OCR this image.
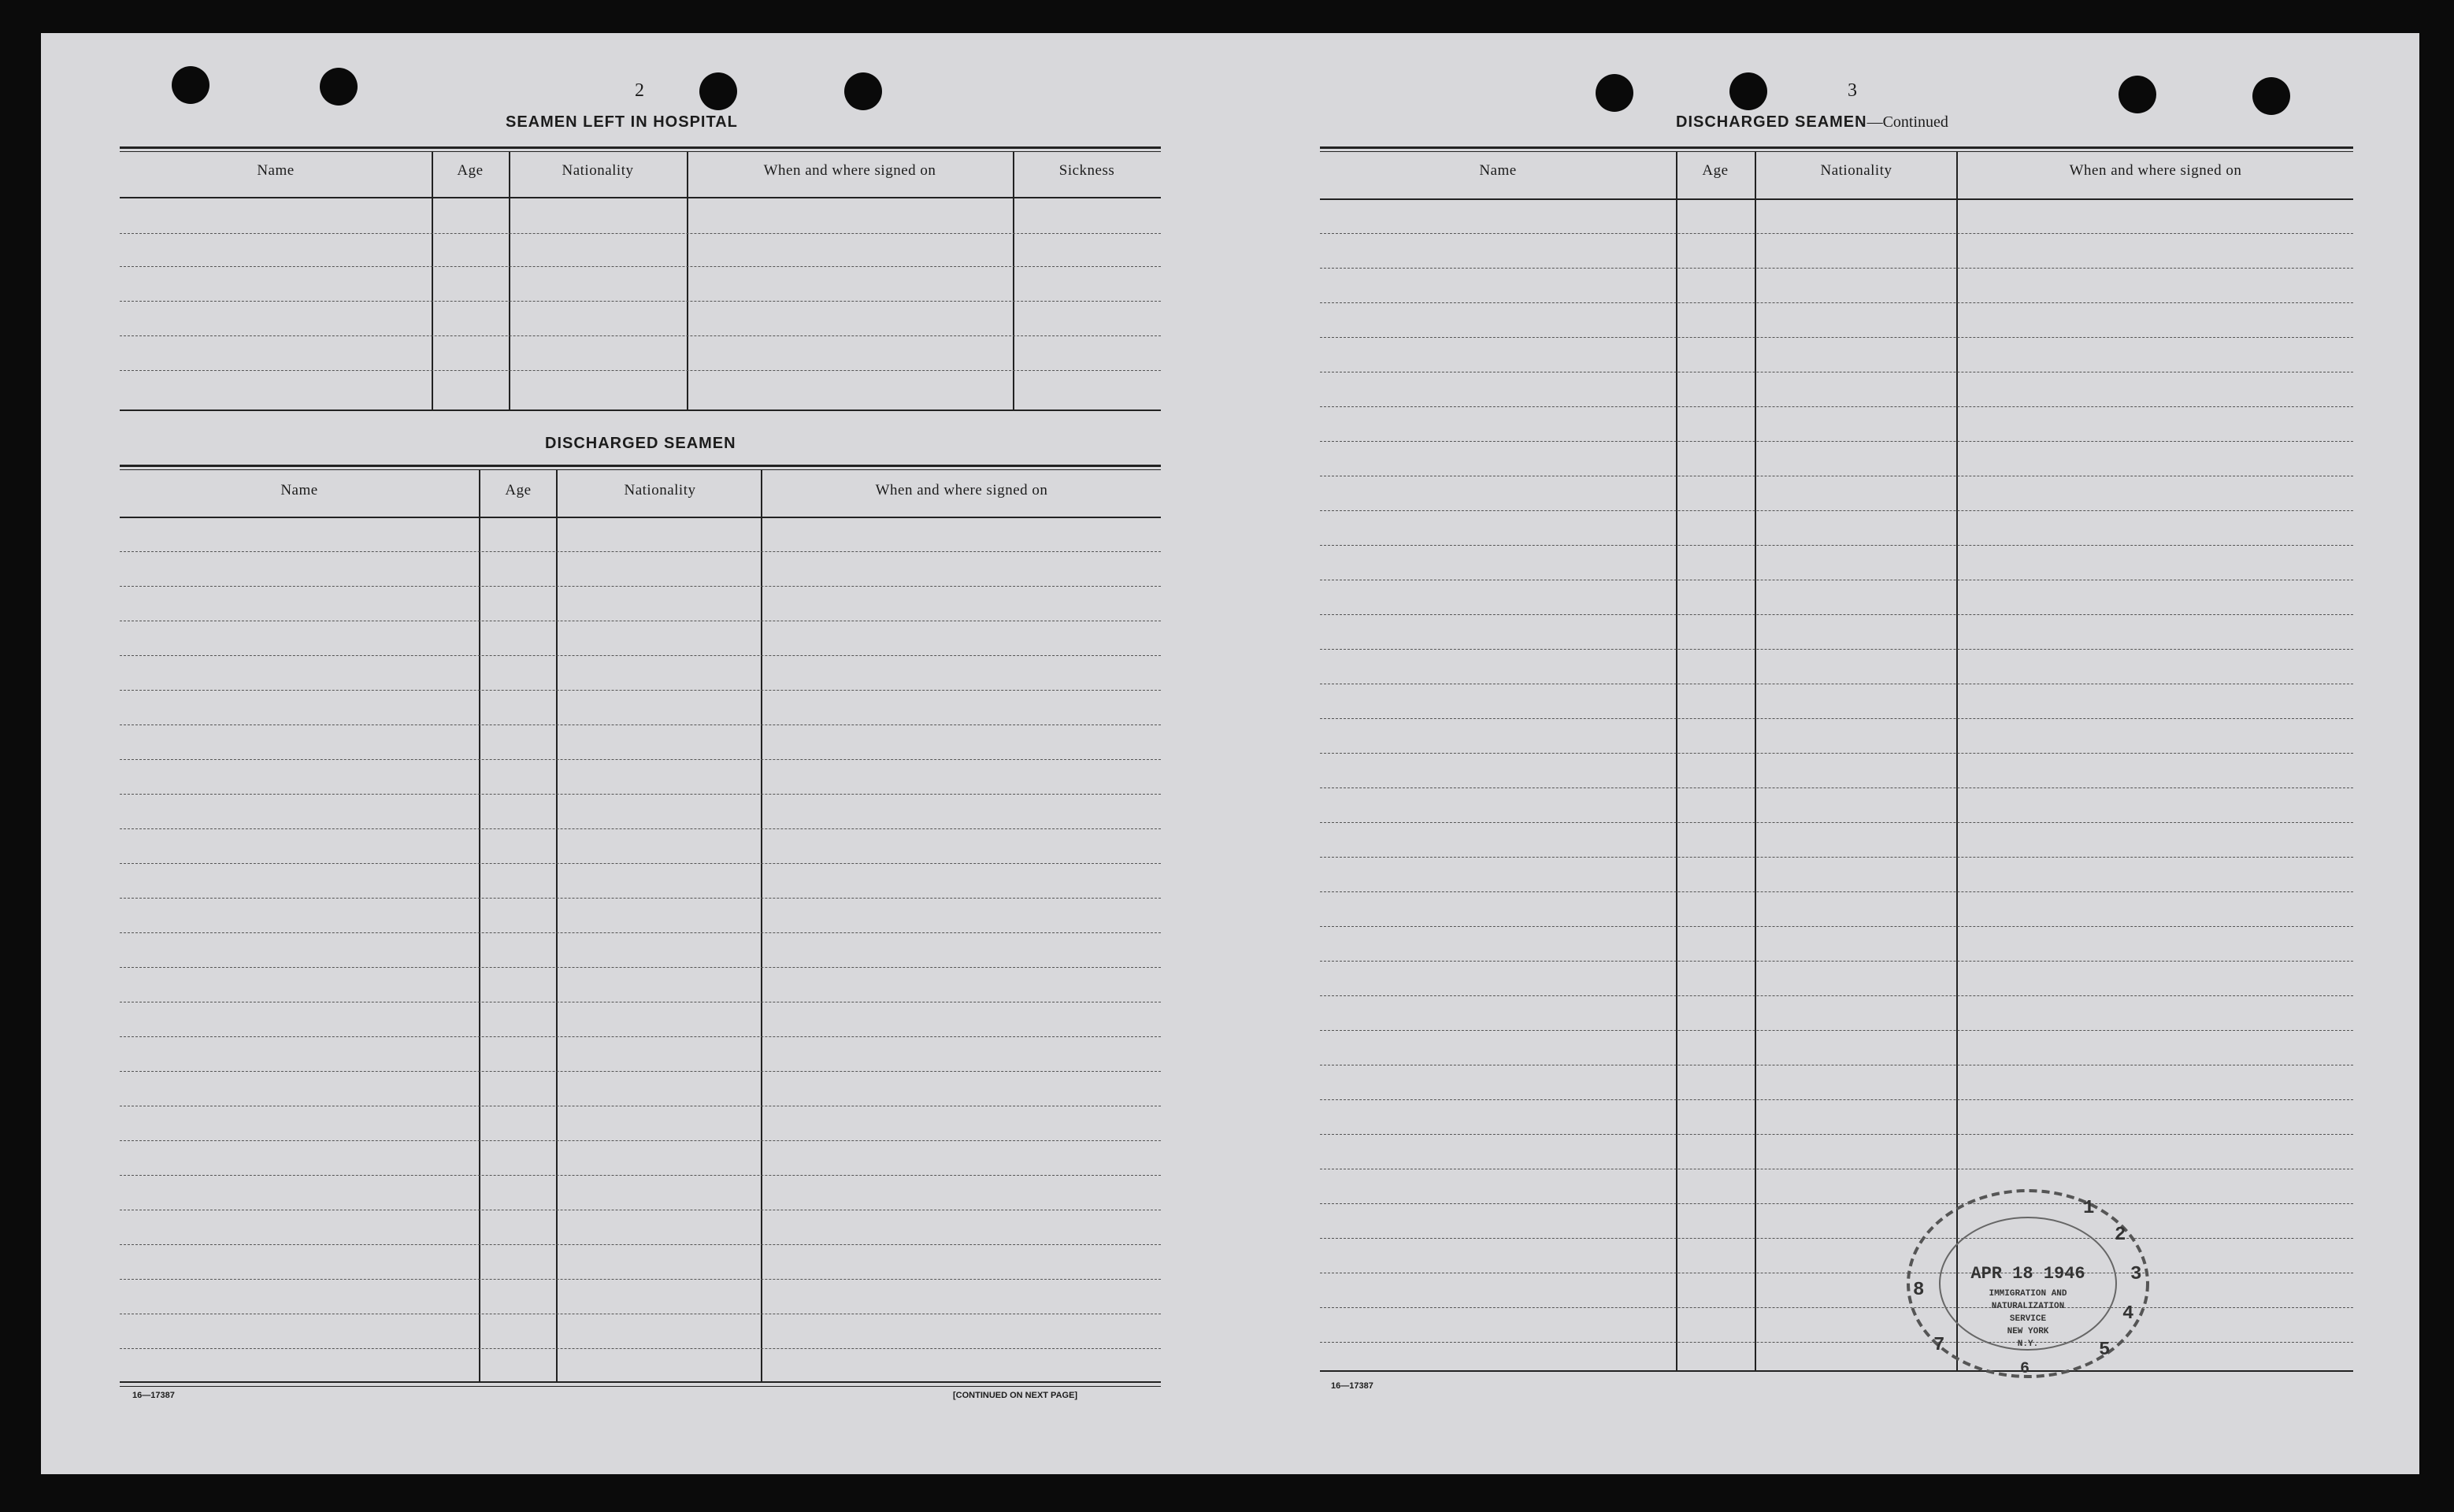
2
SEAMEN LEFT IN HOSPITAL
Name	Age	Nationality	When and where signed on	Sickness
DISCHARGED SEAMEN
Name	Age	Nationality	When and where signed on
16—17387	[CONTINUED ON NEXT PAGE]
3
DISCHARGED SEAMEN—Continued
Name	Age	Nationality	When and where signed on
16—17387
APR 18 1946
IMMIGRATION AND
NATURALIZATION
SERVICE
NEW YORK
N.Y.
1
2
3
4
5
6
7
8
